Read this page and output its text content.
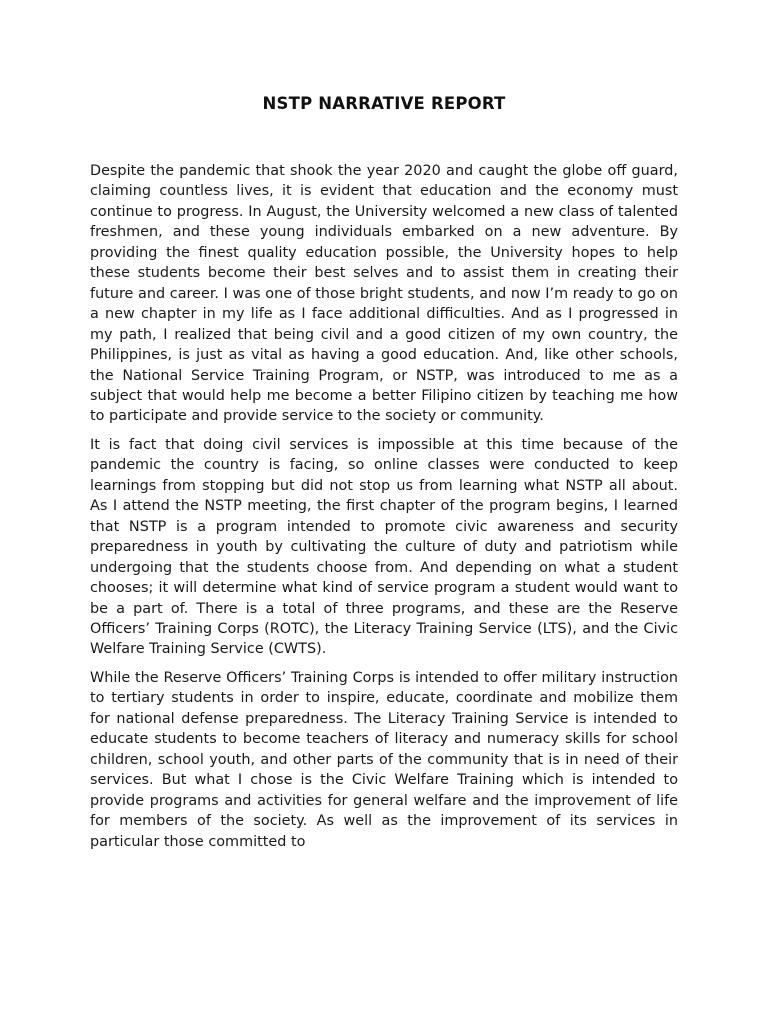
NSTP NARRATIVE REPORT

Despite the pandemic that shook the year 2020 and caught the globe off guard, claiming countless lives, it is evident that education and the economy must continue to progress. In August, the University welcomed a new class of talented freshmen, and these young individuals embarked on a new adventure. By providing the finest quality education possible, the University hopes to help these students become their best selves and to assist them in creating their future and career. I was one of those bright students, and now I’m ready to go on a new chapter in my life as I face additional difficulties. And as I progressed in my path, I realized that being civil and a good citizen of my own country, the Philippines, is just as vital as having a good education. And, like other schools, the National Service Training Program, or NSTP, was introduced to me as a subject that would help me become a better Filipino citizen by teaching me how to participate and provide service to the society or community.

It is fact that doing civil services is impossible at this time because of the pandemic the country is facing, so online classes were conducted to keep learnings from stopping but did not stop us from learning what NSTP all about. As I attend the NSTP meeting, the first chapter of the program begins, I learned that NSTP is a program intended to promote civic awareness and security preparedness in youth by cultivating the culture of duty and patriotism while undergoing that the students choose from. And depending on what a student chooses; it will determine what kind of service program a student would want to be a part of. There is a total of three programs, and these are the Reserve Officers’ Training Corps (ROTC), the Literacy Training Service (LTS), and the Civic Welfare Training Service (CWTS).

While the Reserve Officers’ Training Corps is intended to offer military instruction to tertiary students in order to inspire, educate, coordinate and mobilize them for national defense preparedness. The Literacy Training Service is intended to educate students to become teachers of literacy and numeracy skills for school children, school youth, and other parts of the community that is in need of their services. But what I chose is the Civic Welfare Training which is intended to provide programs and activities for general welfare and the improvement of life for members of the society. As well as the improvement of its services in particular those committed to
